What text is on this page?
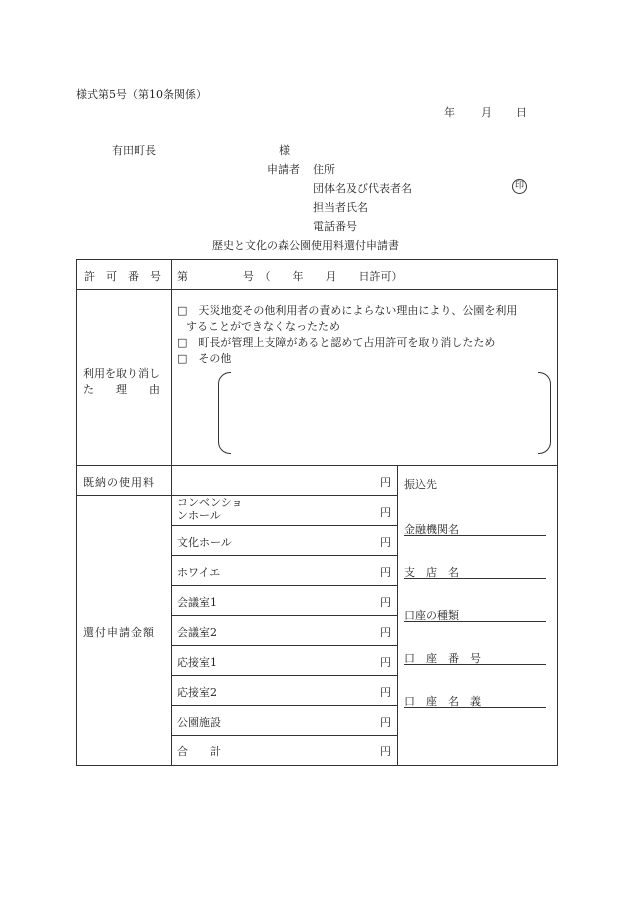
様式第5号（第10条関係）
年 月 日
有田町長	様
申請者 住所
団体名及び代表者名	印
担当者氏名
電話番号
歴史と文化の森公園使用料還付申請書
許　可　番　号 第　　　　　号　（　　年　　月　　日許可）
利用を取り消し
た　　理　　由
□　天災地変その他利用者の責めによらない理由により、公園を利用
することができなくなったため
□　町長が管理上支障があると認めて占用許可を取り消したため
□　その他
既納の使用料	円
還付申請金額
コンベンショ
ンホール	円
文化ホール	円
ホワイエ	円
会議室1	円
会議室2	円
応接室1	円
応接室2	円
公園施設	円
合　　計	円
振込先
金融機関名
支　店　名
口座の種類
口　座　番　号
口　座　名　義
